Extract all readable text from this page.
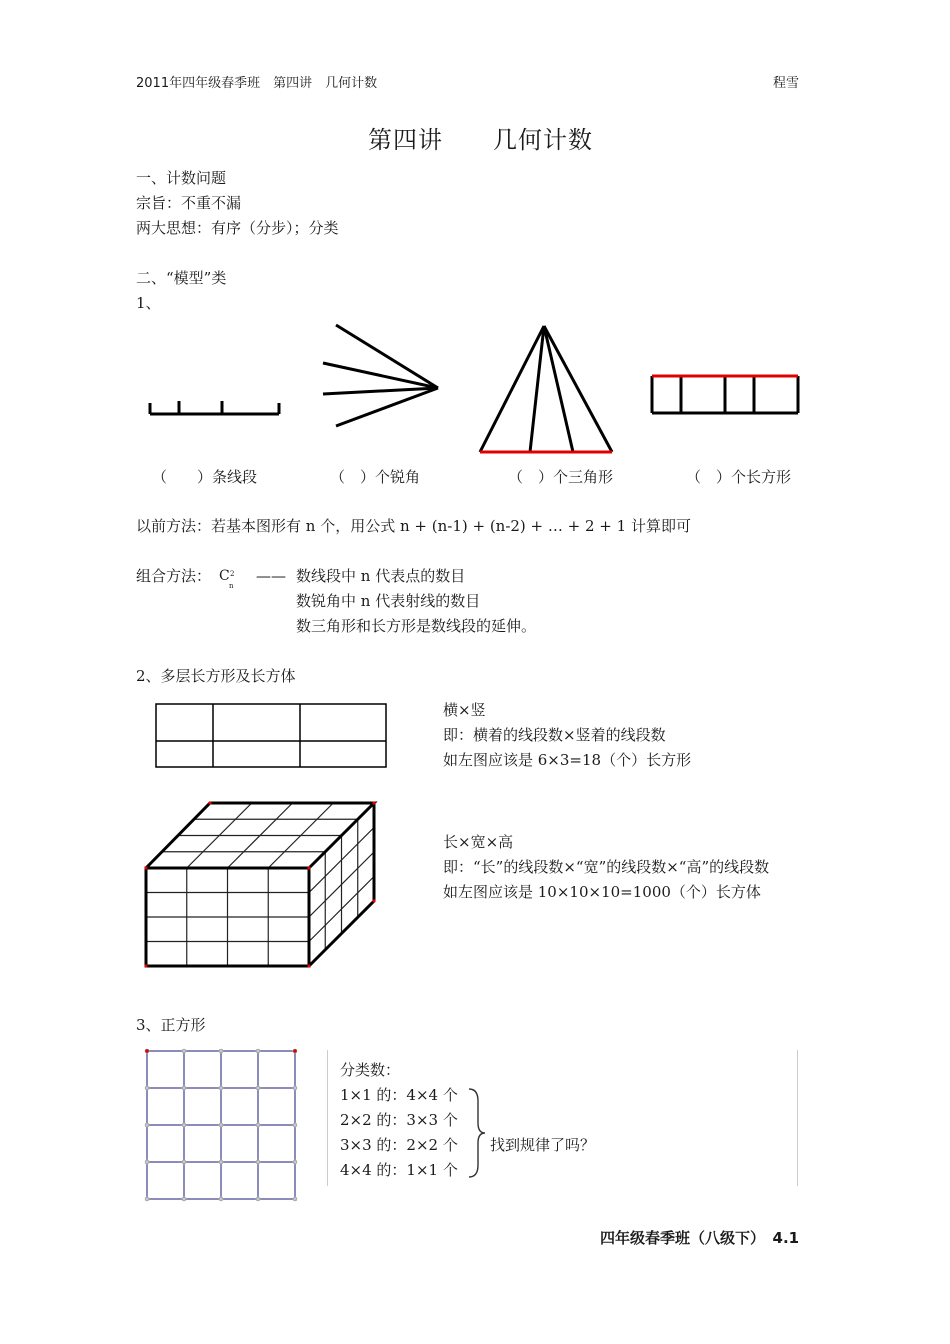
2011年四年级春季班　第四讲　几何计数	程雪
第四讲　　几何计数
一、计数问题
宗旨：不重不漏
两大思想：有序（分步）；分类
二、“模型”类
1、
（　　）条线段	（　）个锐角	（　）个三角形	（　）个长方形
以前方法：若基本图形有 n 个，用公式 n + (n-1) + (n-2) + … + 2 + 1 计算即可
组合方法： C 2
n
—— 数线段中 n 代表点的数目
数锐角中 n 代表射线的数目
数三角形和长方形是数线段的延伸。
2、多层长方形及长方体
横×竖
即：横着的线段数×竖着的线段数
如左图应该是 6×3=18（个）长方形
长×宽×高
即：“长”的线段数×“宽”的线段数×“高”的线段数
如左图应该是 10×10×10=1000（个）长方体
3、正方形
分类数：
1×1 的：4×4 个
2×2 的：3×3 个
3×3 的：2×2 个
4×4 的：1×1 个
找到规律了吗？
四年级春季班（八级下）　4.1
